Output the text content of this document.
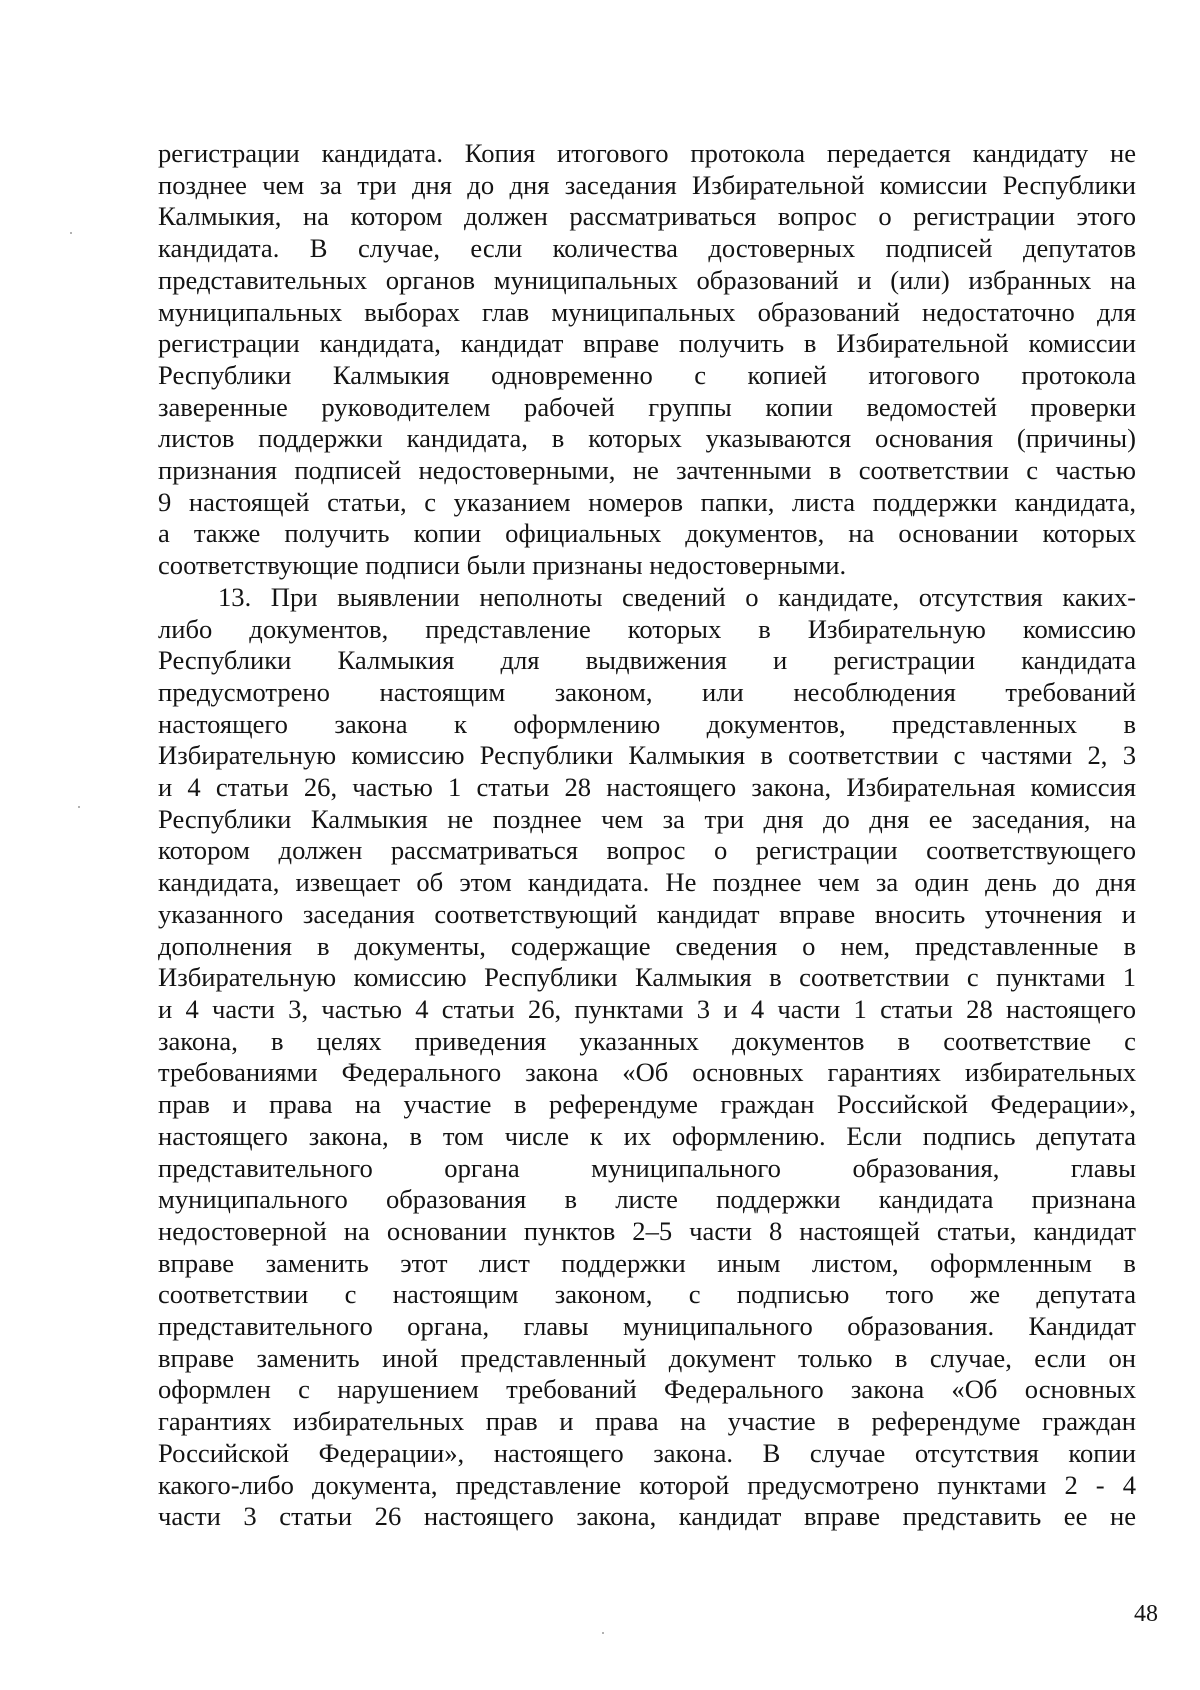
регистрации кандидата. Копия итогового протокола передается кандидату не
позднее чем за три дня до дня заседания Избирательной комиссии Республики
Калмыкия, на котором должен рассматриваться вопрос о регистрации этого
кандидата. В случае, если количества достоверных подписей депутатов
представительных органов муниципальных образований и (или) избранных на
муниципальных выборах глав муниципальных образований недостаточно для
регистрации кандидата, кандидат вправе получить в Избирательной комиссии
Республики Калмыкия одновременно с копией итогового протокола
заверенные руководителем рабочей группы копии ведомостей проверки
листов поддержки кандидата, в которых указываются основания (причины)
признания подписей недостоверными, не зачтенными в соответствии с частью
9 настоящей статьи, с указанием номеров папки, листа поддержки кандидата,
а также получить копии официальных документов, на основании которых
соответствующие подписи были признаны недостоверными.
13. При выявлении неполноты сведений о кандидате, отсутствия каких-
либо документов, представление которых в Избирательную комиссию
Республики Калмыкия для выдвижения и регистрации кандидата
предусмотрено настоящим законом, или несоблюдения требований
настоящего закона к оформлению документов, представленных в
Избирательную комиссию Республики Калмыкия в соответствии с частями 2, 3
и 4 статьи 26, частью 1 статьи 28 настоящего закона, Избирательная комиссия
Республики Калмыкия не позднее чем за три дня до дня ее заседания, на
котором должен рассматриваться вопрос о регистрации соответствующего
кандидата, извещает об этом кандидата. Не позднее чем за один день до дня
указанного заседания соответствующий кандидат вправе вносить уточнения и
дополнения в документы, содержащие сведения о нем, представленные в
Избирательную комиссию Республики Калмыкия в соответствии с пунктами 1
и 4 части 3, частью 4 статьи 26, пунктами 3 и 4 части 1 статьи 28 настоящего
закона, в целях приведения указанных документов в соответствие с
требованиями Федерального закона «Об основных гарантиях избирательных
прав и права на участие в референдуме граждан Российской Федерации»,
настоящего закона, в том числе к их оформлению. Если подпись депутата
представительного органа муниципального образования, главы
муниципального образования в листе поддержки кандидата признана
недостоверной на основании пунктов 2–5 части 8 настоящей статьи, кандидат
вправе заменить этот лист поддержки иным листом, оформленным в
соответствии с настоящим законом, с подписью того же депутата
представительного органа, главы муниципального образования. Кандидат
вправе заменить иной представленный документ только в случае, если он
оформлен с нарушением требований Федерального закона «Об основных
гарантиях избирательных прав и права на участие в референдуме граждан
Российской Федерации», настоящего закона. В случае отсутствия копии
какого-либо документа, представление которой предусмотрено пунктами 2 - 4
части 3 статьи 26 настоящего закона, кандидат вправе представить ее не
48
